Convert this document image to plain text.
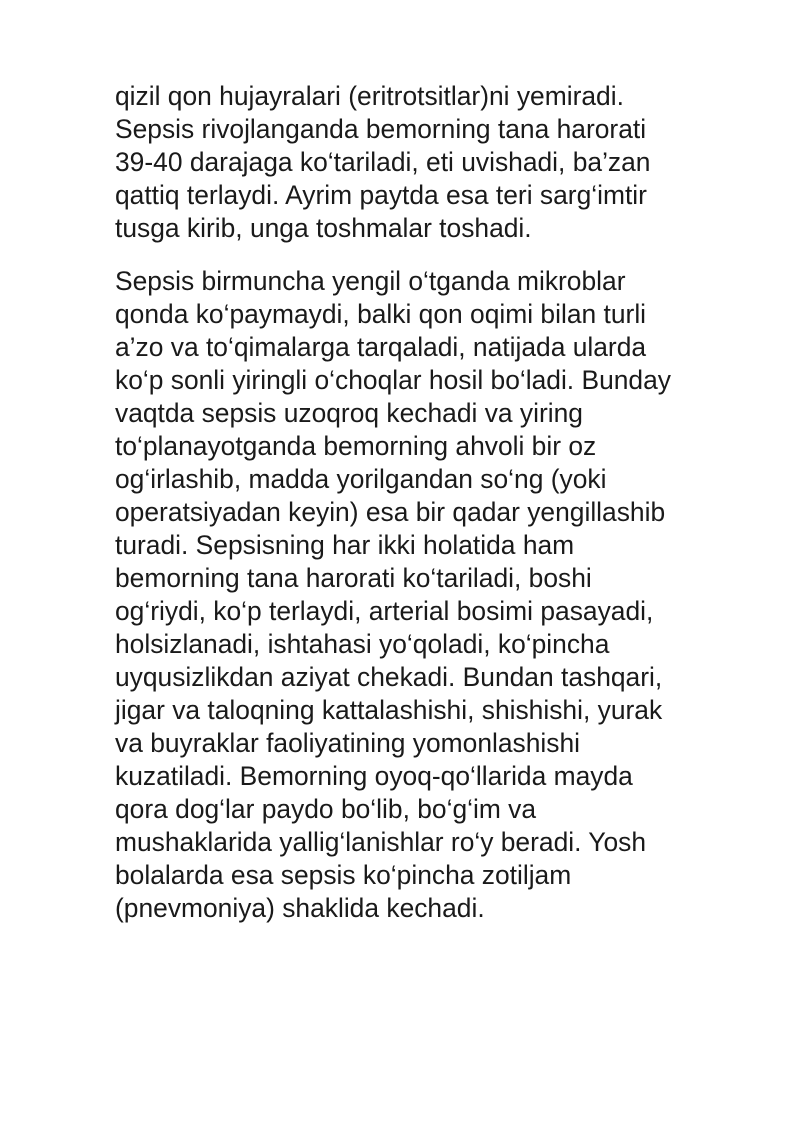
qizil qon hujayralari (eritrotsitlar)ni yemiradi.
Sepsis rivojlanganda bemorning tana harorati
39-40 darajaga ko‘tariladi, eti uvishadi, ba’zan
qattiq terlaydi. Ayrim paytda esa teri sarg‘imtir
tusga kirib, unga toshmalar toshadi.

Sepsis birmuncha yengil o‘tganda mikroblar
qonda ko‘paymaydi, balki qon oqimi bilan turli
a’zo va to‘qimalarga tarqaladi, natijada ularda
ko‘p sonli yiringli o‘choqlar hosil bo‘ladi. Bunday
vaqtda sepsis uzoqroq kechadi va yiring
to‘planayotganda bemorning ahvoli bir oz
og‘irlashib, madda yorilgandan so‘ng (yoki
operatsiyadan keyin) esa bir qadar yengillashib
turadi. Sepsisning har ikki holatida ham
bemorning tana harorati ko‘tariladi, boshi
og‘riydi, ko‘p terlaydi, arterial bosimi pasayadi,
holsizlanadi, ishtahasi yo‘qoladi, ko‘pincha
uyqusizlikdan aziyat chekadi. Bundan tashqari,
jigar va taloqning kattalashishi, shishishi, yurak
va buyraklar faoliyatining yomonlashishi
kuzatiladi. Bemorning oyoq-qo‘llarida mayda
qora dog‘lar paydo bo‘lib, bo‘g‘im va
mushaklarida yallig‘lanishlar ro‘y beradi. Yosh
bolalarda esa sepsis ko‘pincha zotiljam
(pnevmoniya) shaklida kechadi.
